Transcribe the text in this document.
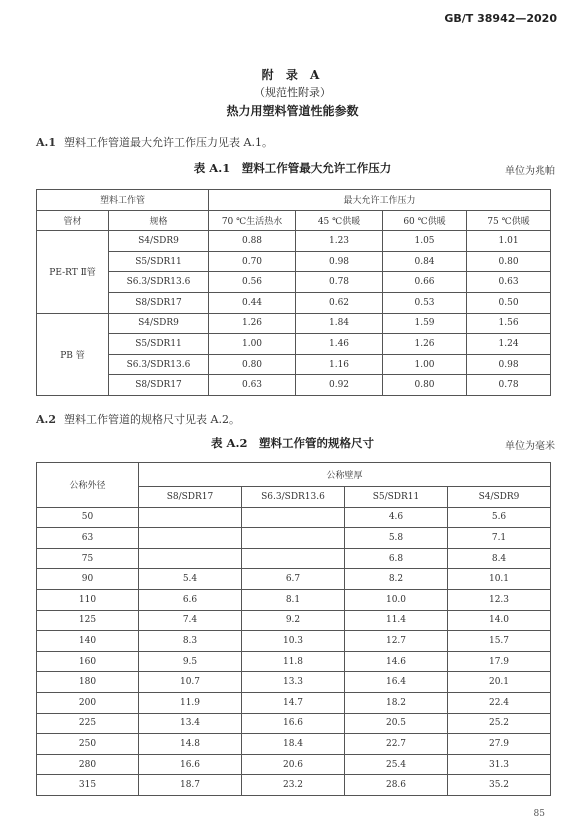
GB/T 38942—2020
附 录 A
（规范性附录）
热力用塑料管道性能参数
A.1 塑料工作管道最大允许工作压力见表 A.1。
表 A.1　塑料工作管最大允许工作压力	单位为兆帕
塑料工作管		最大允许工作压力			
管材	规格	70 ℃生活热水	45 ℃供暖	60 ℃供暖	75 ℃供暖
PE-RT Ⅱ管	S4/SDR9	0.88	1.23	1.05	1.01
	S5/SDR11	0.70	0.98	0.84	0.80
	S6.3/SDR13.6	0.56	0.78	0.66	0.63
	S8/SDR17	0.44	0.62	0.53	0.50
PB 管	S4/SDR9	1.26	1.84	1.59	1.56
	S5/SDR11	1.00	1.46	1.26	1.24
	S6.3/SDR13.6	0.80	1.16	1.00	0.98
	S8/SDR17	0.63	0.92	0.80	0.78
A.2 塑料工作管道的规格尺寸见表 A.2。
表 A.2　塑料工作管的规格尺寸	单位为毫米
公称外径	公称壁厚			
	S8/SDR17	S6.3/SDR13.6	S5/SDR11	S4/SDR9
50			4.6	5.6
63			5.8	7.1
75			6.8	8.4
90	5.4	6.7	8.2	10.1
110	6.6	8.1	10.0	12.3
125	7.4	9.2	11.4	14.0
140	8.3	10.3	12.7	15.7
160	9.5	11.8	14.6	17.9
180	10.7	13.3	16.4	20.1
200	11.9	14.7	18.2	22.4
225	13.4	16.6	20.5	25.2
250	14.8	18.4	22.7	27.9
280	16.6	20.6	25.4	31.3
315	18.7	23.2	28.6	35.2
85
